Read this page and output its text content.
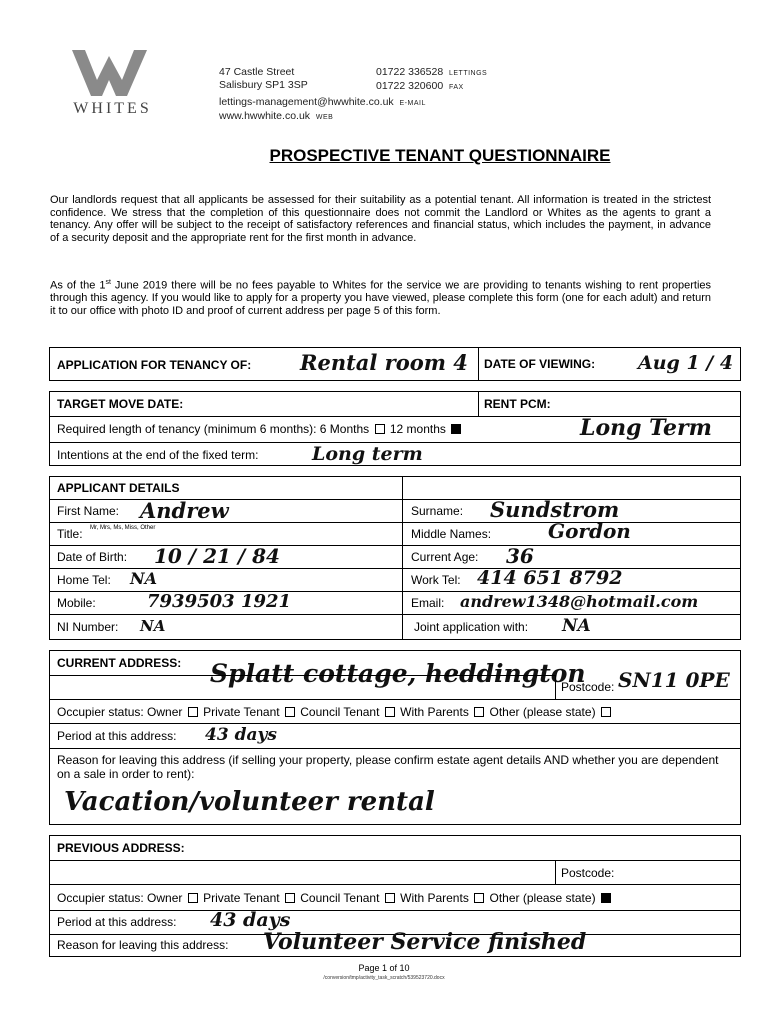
WHITES
47 Castle Street
Salisbury SP1 3SP
01722 336528 LETTINGS
01722 320600 FAX
lettings-management@hwwhite.co.uk E-MAIL
www.hwwhite.co.uk WEB
PROSPECTIVE TENANT QUESTIONNAIRE
Our landlords request that all applicants be assessed for their suitability as a potential tenant. All information is treated in the strictest confidence. We stress that the completion of this questionnaire does not commit the Landlord or Whites as the agents to grant a tenancy. Any offer will be subject to the receipt of satisfactory references and financial status, which includes the payment, in advance of a security deposit and the appropriate rent for the first month in advance.
As of the 1st June 2019 there will be no fees payable to Whites for the service we are providing to tenants wishing to rent properties through this agency. If you would like to apply for a property you have viewed, please complete this form (one for each adult) and return it to our office with photo ID and proof of current address per page 5 of this form.
APPLICATION FOR TENANCY OF: Rental room 4 DATE OF VIEWING: Aug 1 / 4
TARGET MOVE DATE:	RENT PCM:
Required length of tenancy (minimum 6 months): 6 Months 12 months	Long Term
Intentions at the end of the fixed term:	Long term
APPLICANT DETAILS
First Name: Andrew	Surname: Sundstrom
Title: Mr, Mrs, Ms, Miss, Other	Middle Names:	Gordon
Date of Birth: 10 / 21 / 84	Current Age: 36
Home Tel: NA	Work Tel: 414 651 8792
Mobile:	7939503 1921	Email: andrew1348@hotmail.com
NI Number: NA	Joint application with: NA
CURRENT ADDRESS: Splatt cottage, heddington
Postcode: SN11 0PE
Occupier status: Owner Private Tenant Council Tenant With Parents Other (please state)
Period at this address: 43 days
Reason for leaving this address (if selling your property, please confirm estate agent details AND whether you are dependent on a sale in order to rent):
Vacation/volunteer rental
PREVIOUS ADDRESS:
Postcode:
Occupier status: Owner Private Tenant Council Tenant With Parents Other (please state)
Period at this address: 43 days
Reason for leaving this address: Volunteer Service finished
Page 1 of 10
/conversion/tmp/activity_task_scratch/539523720.docx
